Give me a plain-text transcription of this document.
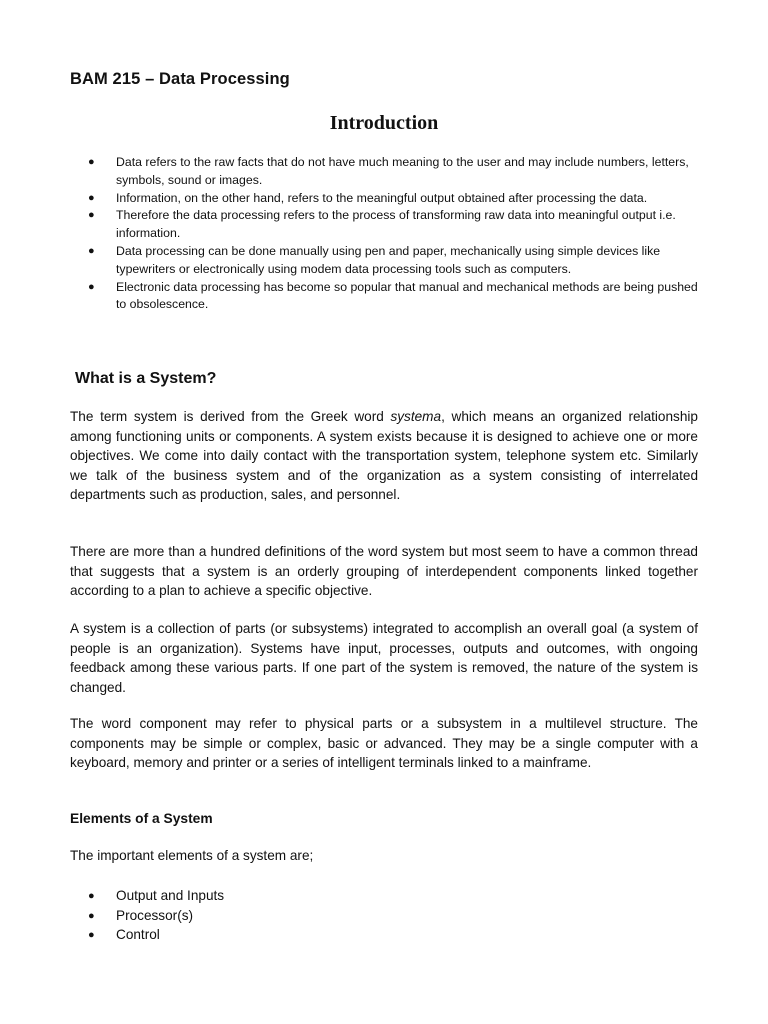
BAM 215 – Data Processing
Introduction
● Data refers to the raw facts that do not have much meaning to the user and may include numbers, letters, symbols, sound or images.
● Information, on the other hand, refers to the meaningful output obtained after processing the data.
● Therefore the data processing refers to the process of transforming raw data into meaningful output i.e. information.
● Data processing can be done manually using pen and paper, mechanically using simple devices like typewriters or electronically using modem data processing tools such as computers.
● Electronic data processing has become so popular that manual and mechanical methods are being pushed to obsolescence.
What is a System?

The term system is derived from the Greek word systema, which means an organized relationship among functioning units or components. A system exists because it is designed to achieve one or more objectives. We come into daily contact with the transportation system, telephone system etc. Similarly we talk of the business system and of the organization as a system consisting of interrelated departments such as production, sales, and personnel.

There are more than a hundred definitions of the word system but most seem to have a common thread that suggests that a system is an orderly grouping of interdependent components linked together according to a plan to achieve a specific objective.

A system is a collection of parts (or subsystems) integrated to accomplish an overall goal (a system of people is an organization). Systems have input, processes, outputs and outcomes, with ongoing feedback among these various parts. If one part of the system is removed, the nature of the system is changed.

The word component may refer to physical parts or a subsystem in a multilevel structure. The components may be simple or complex, basic or advanced. They may be a single computer with a keyboard, memory and printer or a series of intelligent terminals linked to a mainframe.

Elements of a System
The important elements of a system are;
● Output and Inputs
● Processor(s)
● Control
